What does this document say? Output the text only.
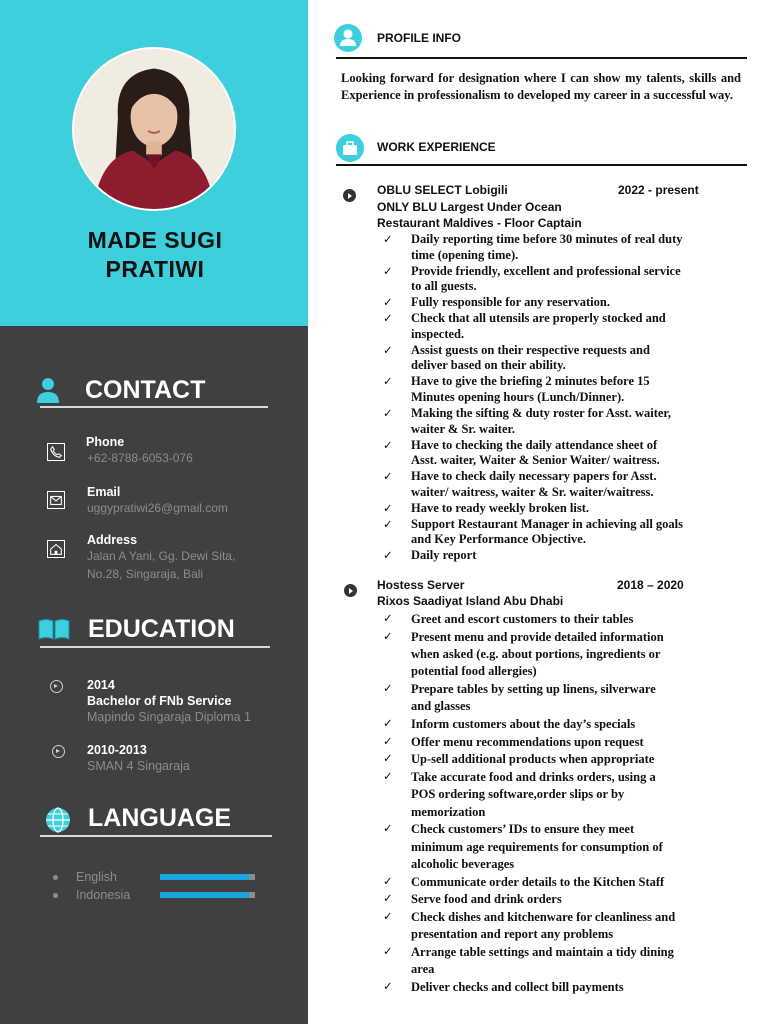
MADE SUGI
PRATIWI
CONTACT
Phone
+62-8788-6053-076
Email
uggypratiwi26@gmail.com
Address
Jalan A Yani, Gg. Dewi Sita,
No.28, Singaraja, Bali
EDUCATION
2014
Bachelor of FNb Service
Mapindo Singaraja Diploma 1
2010-2013
SMAN 4 Singaraja
LANGUAGE
English
Indonesia
PROFILE INFO
Looking forward for designation where I can show my talents, skills and Experience in professionalism to developed my career in a successful way.
WORK EXPERIENCE
OBLU SELECT Lobigili	2022 - present
ONLY BLU Largest Under Ocean
Restaurant Maldives - Floor Captain
✓ Daily reporting time before 30 minutes of real duty
time (opening time).
✓ Provide friendly, excellent and professional service
to all guests.
✓ Fully responsible for any reservation.
✓ Check that all utensils are properly stocked and
inspected.
✓ Assist guests on their respective requests and
deliver based on their ability.
✓ Have to give the briefing 2 minutes before 15
Minutes opening hours (Lunch/Dinner).
✓ Making the sifting & duty roster for Asst. waiter,
waiter & Sr. waiter.
✓ Have to checking the daily attendance sheet of
Asst. waiter, Waiter & Senior Waiter/ waitress.
✓ Have to check daily necessary papers for Asst.
waiter/ waitress, waiter & Sr. waiter/waitress.
✓ Have to ready weekly broken list.
✓ Support Restaurant Manager in achieving all goals
and Key Performance Objective.
✓ Daily report
Hostess Server	2018 – 2020
Rixos Saadiyat Island Abu Dhabi
✓ Greet and escort customers to their tables
✓ Present menu and provide detailed information
when asked (e.g. about portions, ingredients or
potential food allergies)
✓ Prepare tables by setting up linens, silverware
and glasses
✓ Inform customers about the day’s specials
✓ Offer menu recommendations upon request
✓ Up-sell additional products when appropriate
✓ Take accurate food and drinks orders, using a
POS ordering software,order slips or by
memorization
✓ Check customers’ IDs to ensure they meet
minimum age requirements for consumption of
alcoholic beverages
✓ Communicate order details to the Kitchen Staff
✓ Serve food and drink orders
✓ Check dishes and kitchenware for cleanliness and
presentation and report any problems
✓ Arrange table settings and maintain a tidy dining
area
✓ Deliver checks and collect bill payments
